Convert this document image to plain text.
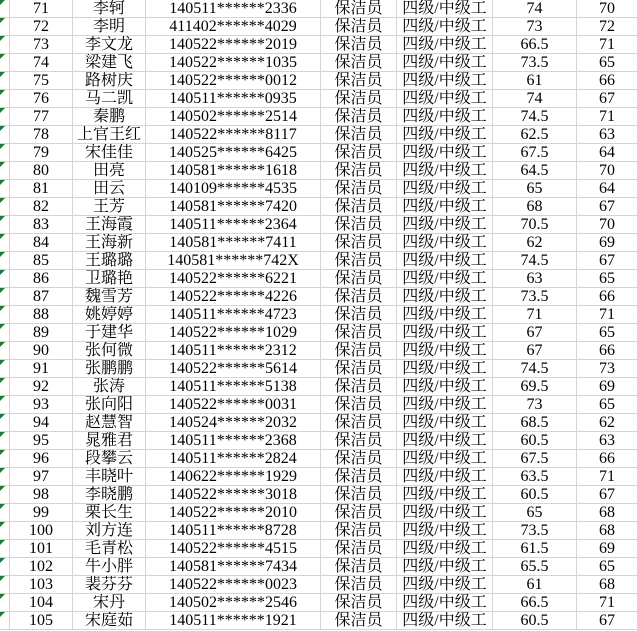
71	李轲	140511******2336	保洁员	四级/中级工	74	70
72	李明	411402******4029	保洁员	四级/中级工	73	72
73	李文龙	140522******2019	保洁员	四级/中级工	66.5	71
74	梁建飞	140522******1035	保洁员	四级/中级工	73.5	65
75	路树庆	140522******0012	保洁员	四级/中级工	61	66
76	马二凯	140511******0935	保洁员	四级/中级工	74	67
77	秦鹏	140502******2514	保洁员	四级/中级工	74.5	71
78	上官王红	140522******8117	保洁员	四级/中级工	62.5	63
79	宋佳佳	140525******6425	保洁员	四级/中级工	67.5	64
80	田亮	140581******1618	保洁员	四级/中级工	64.5	70
81	田云	140109******4535	保洁员	四级/中级工	65	64
82	王芳	140581******7420	保洁员	四级/中级工	68	67
83	王海霞	140511******2364	保洁员	四级/中级工	70.5	70
84	王海新	140581******7411	保洁员	四级/中级工	62	69
85	王璐璐	140581******742X	保洁员	四级/中级工	74.5	67
86	卫璐艳	140522******6221	保洁员	四级/中级工	63	65
87	魏雪芳	140522******4226	保洁员	四级/中级工	73.5	66
88	姚婷婷	140511******4723	保洁员	四级/中级工	71	71
89	于建华	140522******1029	保洁员	四级/中级工	67	65
90	张何微	140511******2312	保洁员	四级/中级工	67	66
91	张鹏鹏	140522******5614	保洁员	四级/中级工	74.5	73
92	张涛	140511******5138	保洁员	四级/中级工	69.5	69
93	张向阳	140522******0031	保洁员	四级/中级工	73	65
94	赵慧智	140524******2032	保洁员	四级/中级工	68.5	62
95	晁雅君	140511******2368	保洁员	四级/中级工	60.5	63
96	段攀云	140511******2824	保洁员	四级/中级工	67.5	66
97	丰晓叶	140622******1929	保洁员	四级/中级工	63.5	71
98	李晓鹏	140522******3018	保洁员	四级/中级工	60.5	67
99	栗长生	140522******2010	保洁员	四级/中级工	65	68
100	刘方连	140511******8728	保洁员	四级/中级工	73.5	68
101	毛青松	140522******4515	保洁员	四级/中级工	61.5	69
102	牛小胖	140581******7434	保洁员	四级/中级工	65.5	65
103	裴芬芬	140522******0023	保洁员	四级/中级工	61	68
104	宋丹	140502******2546	保洁员	四级/中级工	66.5	71
105	宋庭茹	140511******1921	保洁员	四级/中级工	60.5	67
